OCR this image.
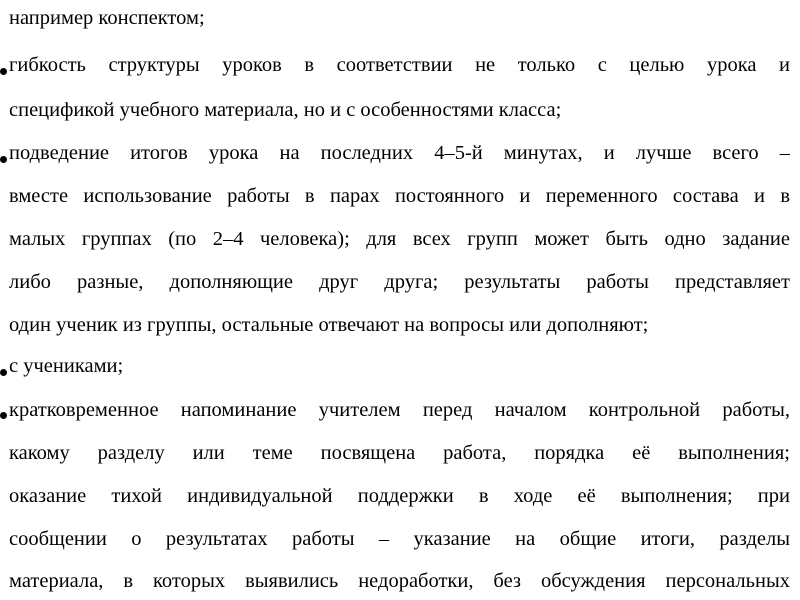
например конспектом;
гибкость структуры уроков в соответствии не только с целью урока и
спецификой учебного материала, но и с особенностями класса;
подведение итогов урока на последних 4–5-й минутах, и лучше всего –
вместе использование работы в парах постоянного и переменного состава и в
малых группах (по 2–4 человека); для всех групп может быть одно задание
либо разные, дополняющие друг друга; результаты работы представляет
один ученик из группы, остальные отвечают на вопросы или дополняют;
с учениками;
кратковременное напоминание учителем перед началом контрольной работы,
какому разделу или теме посвящена работа, порядка её выполнения;
оказание тихой индивидуальной поддержки в ходе её выполнения; при
сообщении о результатах работы – указание на общие итоги, разделы
материала, в которых выявились недоработки, без обсуждения персональных
